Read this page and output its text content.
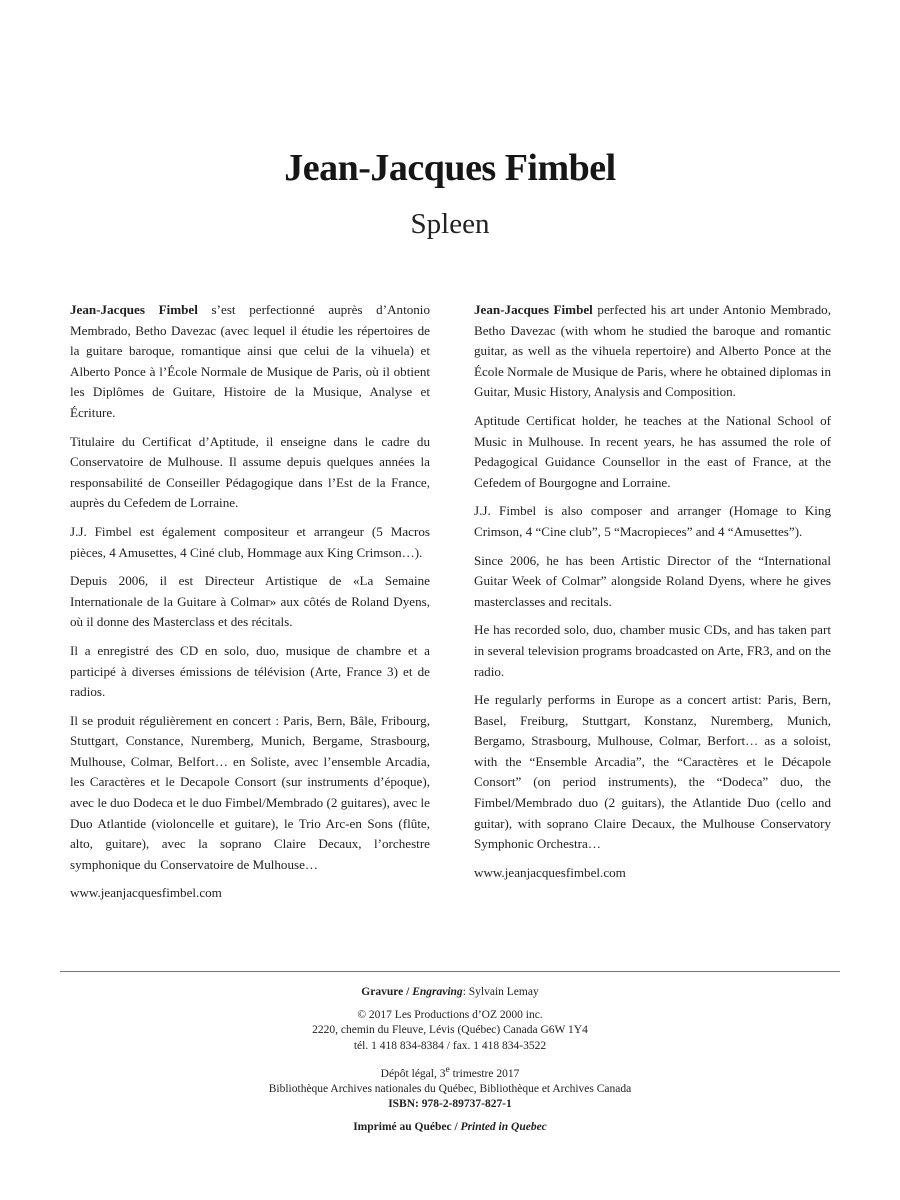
Jean-Jacques Fimbel
Spleen

Jean-Jacques Fimbel s’est perfectionné auprès d’Antonio Membrado, Betho Davezac (avec lequel il étudie les répertoires de la guitare baroque, romantique ainsi que celui de la vihuela) et Alberto Ponce à l’École Normale de Musique de Paris, où il obtient les Diplômes de Guitare, Histoire de la Musique, Analyse et Écriture.

Titulaire du Certificat d’Aptitude, il enseigne dans le cadre du Conservatoire de Mulhouse. Il assume depuis quelques années la responsabilité de Conseiller Pédagogique dans l’Est de la France, auprès du Cefedem de Lorraine.

J.J. Fimbel est également compositeur et arrangeur (5 Macros pièces, 4 Amusettes, 4 Ciné club, Hommage aux King Crimson…).

Depuis 2006, il est Directeur Artistique de «La Semaine Internationale de la Guitare à Colmar» aux côtés de Roland Dyens, où il donne des Masterclass et des récitals.

Il a enregistré des CD en solo, duo, musique de chambre et a participé à diverses émissions de télévision (Arte, France 3) et de radios.

Il se produit régulièrement en concert : Paris, Bern, Bâle, Fribourg, Stuttgart, Constance, Nuremberg, Munich, Bergame, Strasbourg, Mulhouse, Colmar, Belfort… en Soliste, avec l’ensemble Arcadia, les Caractères et le Decapole Consort (sur instruments d’époque), avec le duo Dodeca et le duo Fimbel/Membrado (2 guitares), avec le Duo Atlantide (violoncelle et guitare), le Trio Arc-en Sons (flûte, alto, guitare), avec la soprano Claire Decaux, l’orchestre symphonique du Conservatoire de Mulhouse…

www.jeanjacquesfimbel.com

Jean-Jacques Fimbel perfected his art under Antonio Membrado, Betho Davezac (with whom he studied the baroque and romantic guitar, as well as the vihuela repertoire) and Alberto Ponce at the École Normale de Musique de Paris, where he obtained diplomas in Guitar, Music History, Analysis and Composition.

Aptitude Certificat holder, he teaches at the National School of Music in Mulhouse. In recent years, he has assumed the role of Pedagogical Guidance Counsellor in the east of France, at the Cefedem of Bourgogne and Lorraine.

J.J. Fimbel is also composer and arranger (Homage to King Crimson, 4 “Cine club”, 5 “Macropieces” and 4 “Amusettes”).

Since 2006, he has been Artistic Director of the “International Guitar Week of Colmar” alongside Roland Dyens, where he gives masterclasses and recitals.

He has recorded solo, duo, chamber music CDs, and has taken part in several television programs broadcasted on Arte, FR3, and on the radio.

He regularly performs in Europe as a concert artist: Paris, Bern, Basel, Freiburg, Stuttgart, Konstanz, Nuremberg, Munich, Bergamo, Strasbourg, Mulhouse, Colmar, Berfort… as a soloist, with the “Ensemble Arcadia”, the “Caractères et le Décapole Consort” (on period instruments), the “Dodeca” duo, the Fimbel/Membrado duo (2 guitars), the Atlantide Duo (cello and guitar), with soprano Claire Decaux, the Mulhouse Conservatory Symphonic Orchestra…

www.jeanjacquesfimbel.com

Gravure / Engraving: Sylvain Lemay
© 2017 Les Productions d’OZ 2000 inc.
2220, chemin du Fleuve, Lévis (Québec) Canada G6W 1Y4
tél. 1 418 834-8384 / fax. 1 418 834-3522
Dépôt légal, 3e trimestre 2017
Bibliothèque Archives nationales du Québec, Bibliothèque et Archives Canada
ISBN: 978-2-89737-827-1
Imprimé au Québec / Printed in Quebec
